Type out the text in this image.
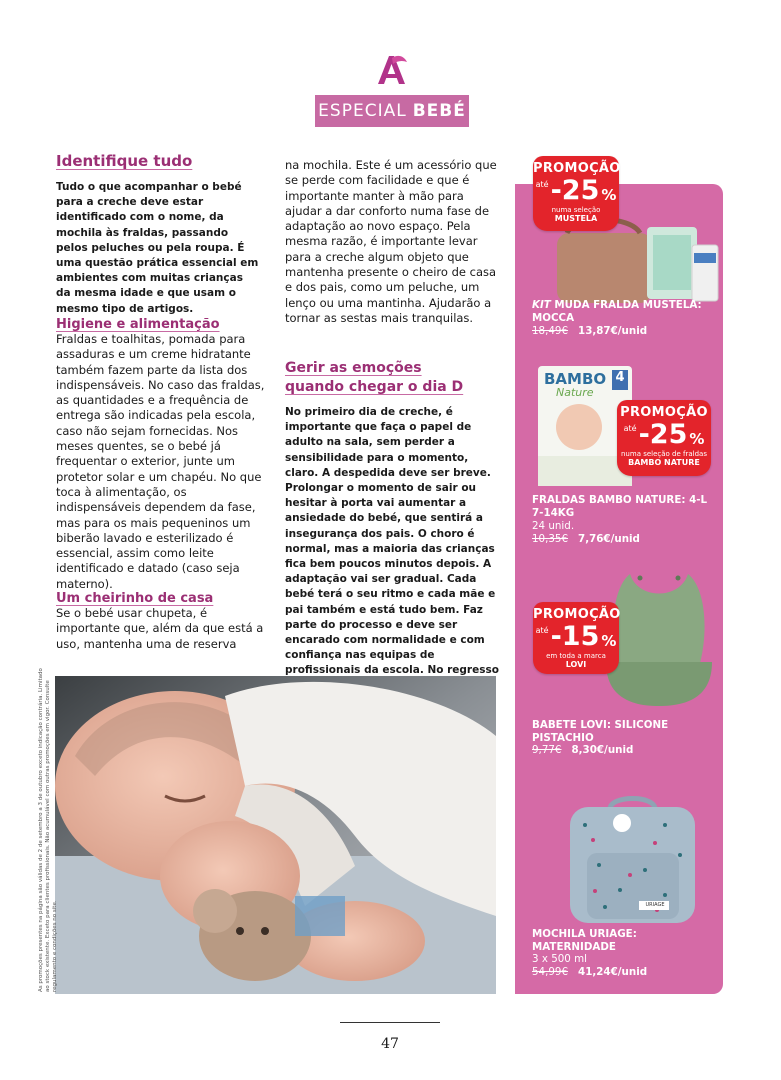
ESPECIAL BEBÉ
Identifique tudo
Tudo o que acompanhar o bebé para a creche deve estar identificado com o nome, da mochila às fraldas, passando pelos peluches ou pela roupa. É uma questão prática essencial em ambientes com muitas crianças da mesma idade e que usam o mesmo tipo de artigos.
Higiene e alimentação
Fraldas e toalhitas, pomada para assaduras e um creme hidratante também fazem parte da lista dos indispensáveis. No caso das fraldas, as quantidades e a frequência de entrega são indicadas pela escola, caso não sejam fornecidas. Nos meses quentes, se o bebé já frequentar o exterior, junte um protetor solar e um chapéu. No que toca à alimentação, os indispensáveis dependem da fase, mas para os mais pequeninos um biberão lavado e esterilizado é essencial, assim como leite identificado e datado (caso seja materno).
Um cheirinho de casa
Se o bebé usar chupeta, é importante que, além da que está a uso, mantenha uma de reserva
na mochila. Este é um acessório que se perde com facilidade e que é importante manter à mão para ajudar a dar conforto numa fase de adaptação ao novo espaço. Pela mesma razão, é importante levar para a creche algum objeto que mantenha presente o cheiro de casa e dos pais, como um peluche, um lenço ou uma mantinha. Ajudarão a tornar as sestas mais tranquilas.
Gerir as emoções quando chegar o dia D
No primeiro dia de creche, é importante que faça o papel de adulto na sala, sem perder a sensibilidade para o momento, claro. A despedida deve ser breve. Prolongar o momento de sair ou hesitar à porta vai aumentar a ansiedade do bebé, que sentirá a insegurança dos pais. O choro é normal, mas a maioria das crianças fica bem poucos minutos depois. A adaptação vai ser gradual. Cada bebé terá o seu ritmo e cada mãe e pai também e está tudo bem. Faz parte do processo e deve ser encarado com normalidade e com confiança nas equipas de profissionais da escola. No regresso
PROMOÇÃO
até -25 %
numa seleção
MUSTELA
KIT MUDA FRALDA MUSTELA: MOCCA
18,49€ 13,87€/unid
BAMBO
Nature
4
PROMOÇÃO
até -25 %
numa seleção de fraldas
BAMBO NATURE
FRALDAS BAMBO NATURE: 4-L 7-14KG
24 unid.
10,35€ 7,76€/unid
PROMOÇÃO
até -15 %
em toda a marca
LOVI
BABETE LOVI: SILICONE PISTACHIO
9,77€ 8,30€/unid
URIAGE
MOCHILA URIAGE: MATERNIDADE
3 x 500 ml
54,99€ 41,24€/unid
As promoções presentes na página são válidas de 2 de setembro a 3 de outubro exceto indicação contrária. Limitado ao stock existente. Exceto para clientes profissionais. Não acumulável com outras promoções em vigor. Consulte regulamento e condições no site.
47
